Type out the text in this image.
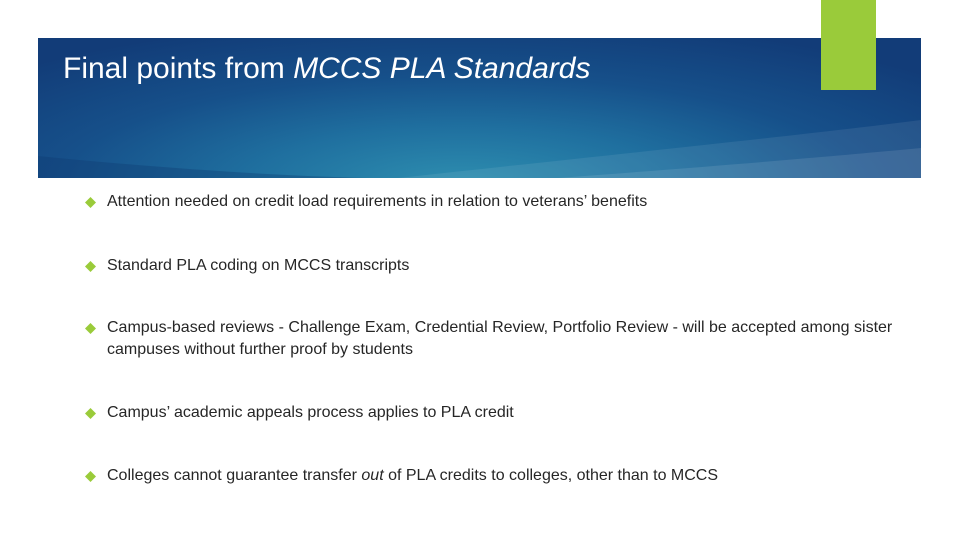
Final points from MCCS PLA Standards
Attention needed on credit load requirements in relation to veterans’ benefits
Standard PLA coding on MCCS transcripts
Campus-based reviews - Challenge Exam, Credential Review, Portfolio Review - will be accepted among sister campuses without further proof by students
Campus’ academic appeals process applies to PLA credit
Colleges cannot guarantee transfer out of PLA credits to colleges, other than to MCCS
